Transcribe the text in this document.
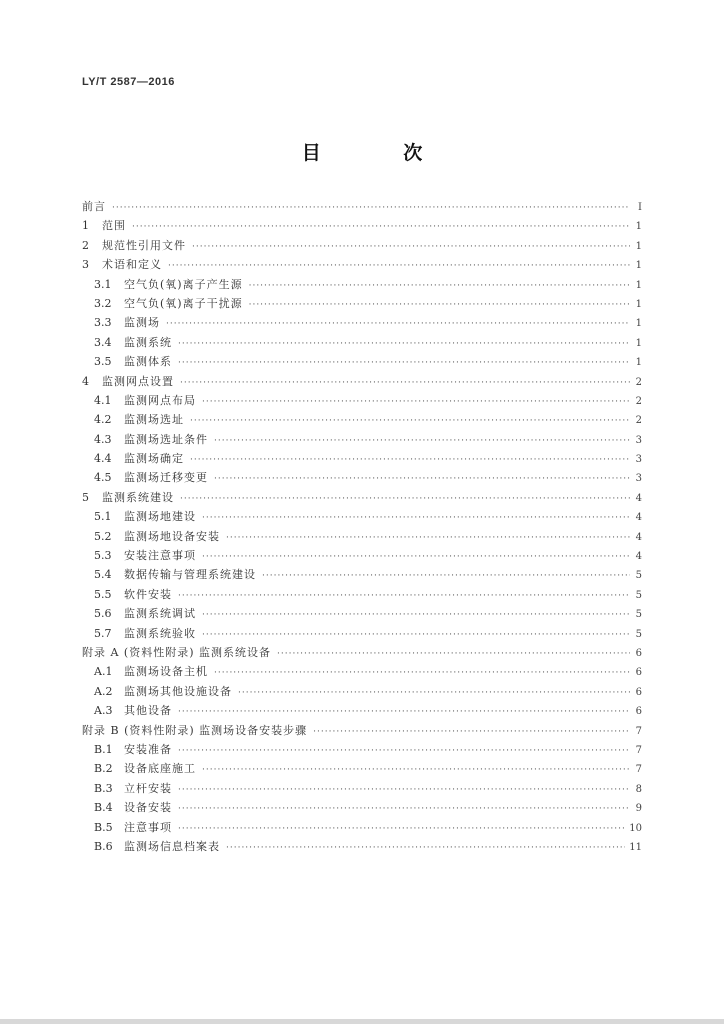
LY/T 2587—2016
目 次
前言 ·····	I
1	范围 ·····	1
2	规范性引用文件 ·····	1
3	术语和定义 ·····	1
3.1	空气负(氧)离子产生源 ·····	1
3.2	空气负(氧)离子干扰源 ·····	1
3.3	监测场 ·····	1
3.4	监测系统 ·····	1
3.5	监测体系 ·····	1
4	监测网点设置 ·····	2
4.1	监测网点布局 ·····	2
4.2	监测场选址 ·····	2
4.3	监测场选址条件 ·····	3
4.4	监测场确定 ·····	3
4.5	监测场迁移变更 ·····	3
5	监测系统建设 ·····	4
5.1	监测场地建设 ·····	4
5.2	监测场地设备安装 ·····	4
5.3	安装注意事项 ·····	4
5.4	数据传输与管理系统建设 ·····	5
5.5	软件安装 ·····	5
5.6	监测系统调试 ·····	5
5.7	监测系统验收 ·····	5
附录 A (资料性附录) 监测系统设备 ·····	6
A.1	监测场设备主机 ·····	6
A.2	监测场其他设施设备 ·····	6
A.3	其他设备 ·····	6
附录 B (资料性附录) 监测场设备安装步骤 ·····	7
B.1	安装准备 ·····	7
B.2	设备底座施工 ·····	7
B.3	立杆安装 ·····	8
B.4	设备安装 ·····	9
B.5	注意事项 ·····	10
B.6	监测场信息档案表 ·····	11
